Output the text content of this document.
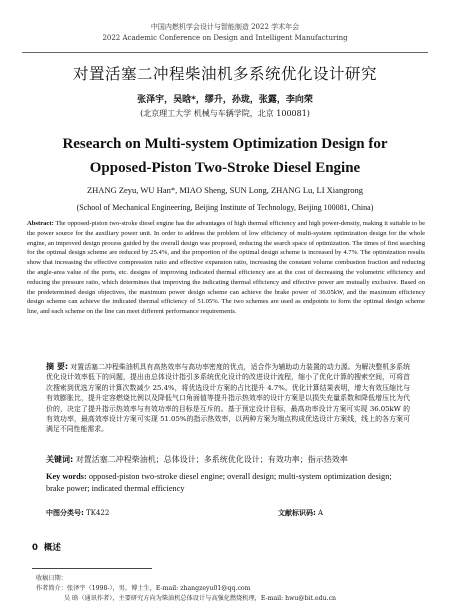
中国内燃机学会设计与智能制造 2022 学术年会
2022 Academic Conference on Design and Intelligent Manufacturing
对置活塞二冲程柴油机多系统优化设计研究
张泽宇，吴晗*，缪升，孙珑，张露，李向荣
(北京理工大学 机械与车辆学院，北京 100081)
Research on Multi-system Optimization Design for
Opposed-Piston Two-Stroke Diesel Engine
ZHANG Zeyu, WU Han*, MIAO Sheng, SUN Long, ZHANG Lu, LI Xiangrong
(School of Mechanical Engineering, Beijing Institute of Technology, Beijing 100081, China)
Abstract: The opposed-piston two-stroke diesel engine has the advantages of high thermal efficiency and high power-density, making it suitable to be the power source for the auxiliary power unit. In order to address the problem of low efficiency of multi-system optimization design for the whole engine, an improved design process guided by the overall design was proposed, reducing the search space of optimization. The times of first searching for the optimal design scheme are reduced by 25.4%, and the proportion of the optimal design scheme is increased by 4.7%. The optimization results show that increasing the effective compression ratio and effective expansion ratio, increasing the constant volume combustion fraction and reducing the angle-area value of the ports, etc. designs of improving indicated thermal efficiency are at the cost of decreasing the volumetric efficiency and reducing the pressure ratio, which determines that improving the indicating thermal efficiency and effective power are mutually exclusive. Based on the predetermined design objectives, the maximum power design scheme can achieve the brake power of 36.05kW, and the maximum efficiency design scheme can achieve the indicated thermal efficiency of 51.05%. The two schemes are used as endpoints to form the optimal design scheme line, and each scheme on the line can meet different performance requirements.
摘 要: 对置活塞二冲程柴油机具有高热效率与高功率密度的优点，适合作为辅助动力装置的动力源。为解决整机多系统优化设计效率低下的问题，提出由总体设计指引多系统优化设计的改进设计流程，缩小了优化计算的搜索空间，可将首次搜索到优选方案的计算次数减少 25.4%，将优选设计方案的占比提升 4.7%。优化计算结果表明，增大有效压缩比与有效膨胀比，提升定容燃烧比例以及降低气口角面值等提升指示热效率的设计方案是以损失充量系数和降低增压比为代价的，决定了提升指示热效率与有效功率的目标是互斥的。基于预定设计目标，最高功率设计方案可实现 36.05kW 的有效功率，最高效率设计方案可实现 51.05%的指示热效率，以两种方案为端点构成优选设计方案线，线上的各方案可满足不同性能需求。
关键词: 对置活塞二冲程柴油机；总体设计；多系统优化设计；有效功率；指示热效率
Key words: opposed-piston two-stroke diesel engine; overall design; multi-system optimization design; brake power; indicated thermal efficiency
中图分类号: TK422	文献标识码: A
0 概述
收稿日期：
作者简介：张泽宇（1998-），男，博士生，E-mail: zhangzeyu01@qq.com
吴 晗（通讯作者），主要研究方向为柴油机总体设计与高强化燃烧机理，E-mail: hwu@bit.edu.cn
